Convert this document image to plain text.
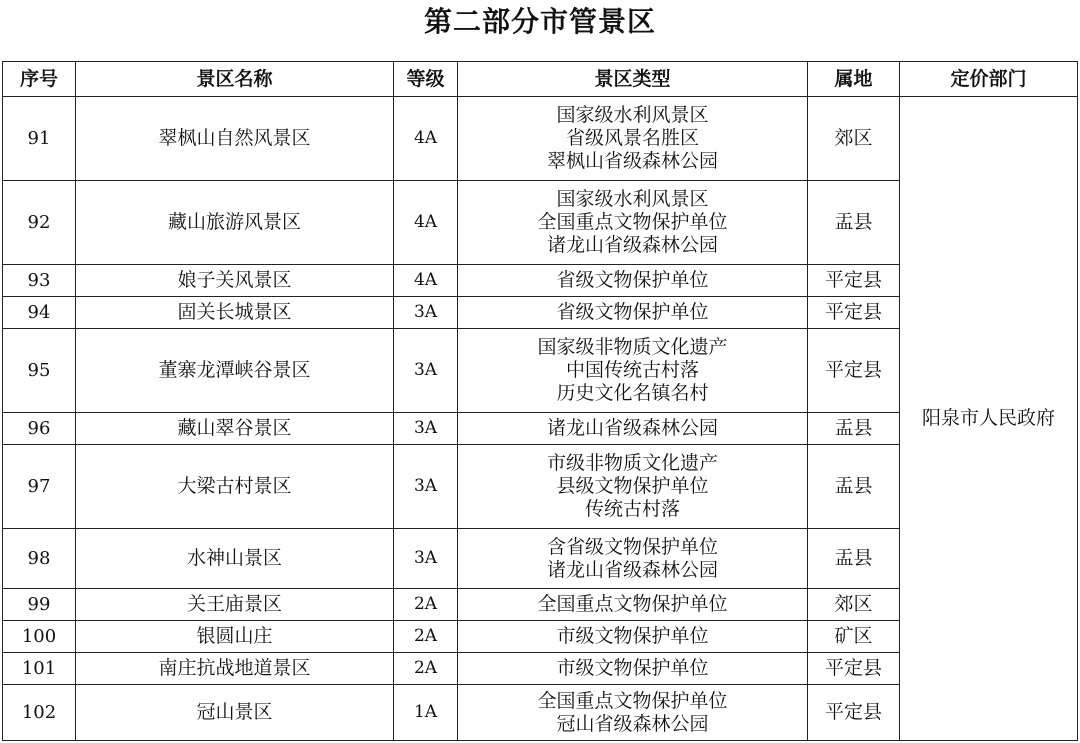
第二部分市管景区
序号	景区名称	等级	景区类型	属地	定价部门
91	翠枫山自然风景区	4A	国家级水利风景区
省级风景名胜区
翠枫山省级森林公园	郊区	阳泉市人民政府
92	藏山旅游风景区	4A	国家级水利风景区
全国重点文物保护单位
诸龙山省级森林公园	盂县	
93	娘子关风景区	4A	省级文物保护单位	平定县	
94	固关长城景区	3A	省级文物保护单位	平定县	
95	董寨龙潭峡谷景区	3A	国家级非物质文化遗产
中国传统古村落
历史文化名镇名村	平定县	
96	藏山翠谷景区	3A	诸龙山省级森林公园	盂县	
97	大梁古村景区	3A	市级非物质文化遗产
县级文物保护单位
传统古村落	盂县	
98	水神山景区	3A	含省级文物保护单位
诸龙山省级森林公园	盂县	
99	关王庙景区	2A	全国重点文物保护单位	郊区	
100	银圆山庄	2A	市级文物保护单位	矿区	
101	南庄抗战地道景区	2A	市级文物保护单位	平定县	
102	冠山景区	1A	全国重点文物保护单位
冠山省级森林公园	平定县	
